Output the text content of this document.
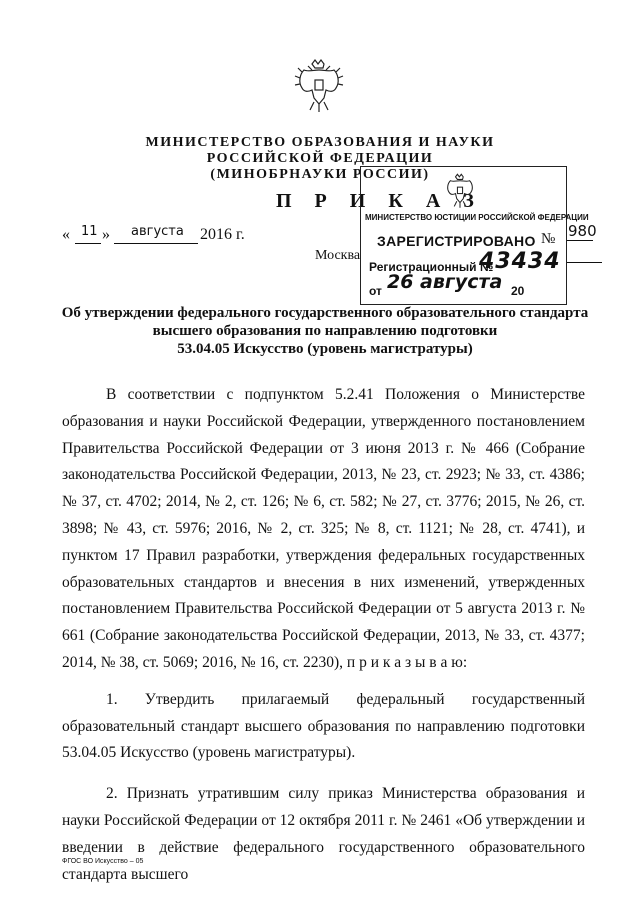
МИНИСТЕРСТВО ОБРАЗОВАНИЯ И НАУКИ
РОССИЙСКОЙ ФЕДЕРАЦИИ
(МИНОБРНАУКИ РОССИИ)
П Р И К А З
« 11 » августа 2016 г.
Москва
980
МИНИСТЕРСТВО ЮСТИЦИИ РОССИЙСКОЙ ФЕДЕРАЦИИ
ЗАРЕГИСТРИРОВАНО №
Регистрационный №
43434
от 26 августа 20
Об утверждении федерального государственного образовательного стандарта
высшего образования по направлению подготовки
53.04.05 Искусство (уровень магистратуры)

В соответствии с подпунктом 5.2.41 Положения о Министерстве образования и науки Российской Федерации, утвержденного постановлением Правительства Российской Федерации от 3 июня 2013 г. № 466 (Собрание законодательства Российской Федерации, 2013, № 23, ст. 2923; № 33, ст. 4386; № 37, ст. 4702; 2014, № 2, ст. 126; № 6, ст. 582; № 27, ст. 3776; 2015, № 26, ст. 3898; № 43, ст. 5976; 2016, № 2, ст. 325; № 8, ст. 1121; № 28, ст. 4741), и пунктом 17 Правил разработки, утверждения федеральных государственных образовательных стандартов и внесения в них изменений, утвержденных постановлением Правительства Российской Федерации от 5 августа 2013 г. № 661 (Собрание законодательства Российской Федерации, 2013, № 33, ст. 4377; 2014, № 38, ст. 5069; 2016, № 16, ст. 2230), п р и к а з ы в а ю:

1. Утвердить прилагаемый федеральный государственный образовательный стандарт высшего образования по направлению подготовки 53.04.05 Искусство (уровень магистратуры).

2. Признать утратившим силу приказ Министерства образования и науки Российской Федерации от 12 октября 2011 г. № 2461 «Об утверждении и введении в действие федерального государственного образовательного стандарта высшего

ФГОС ВО Искусство – 05
